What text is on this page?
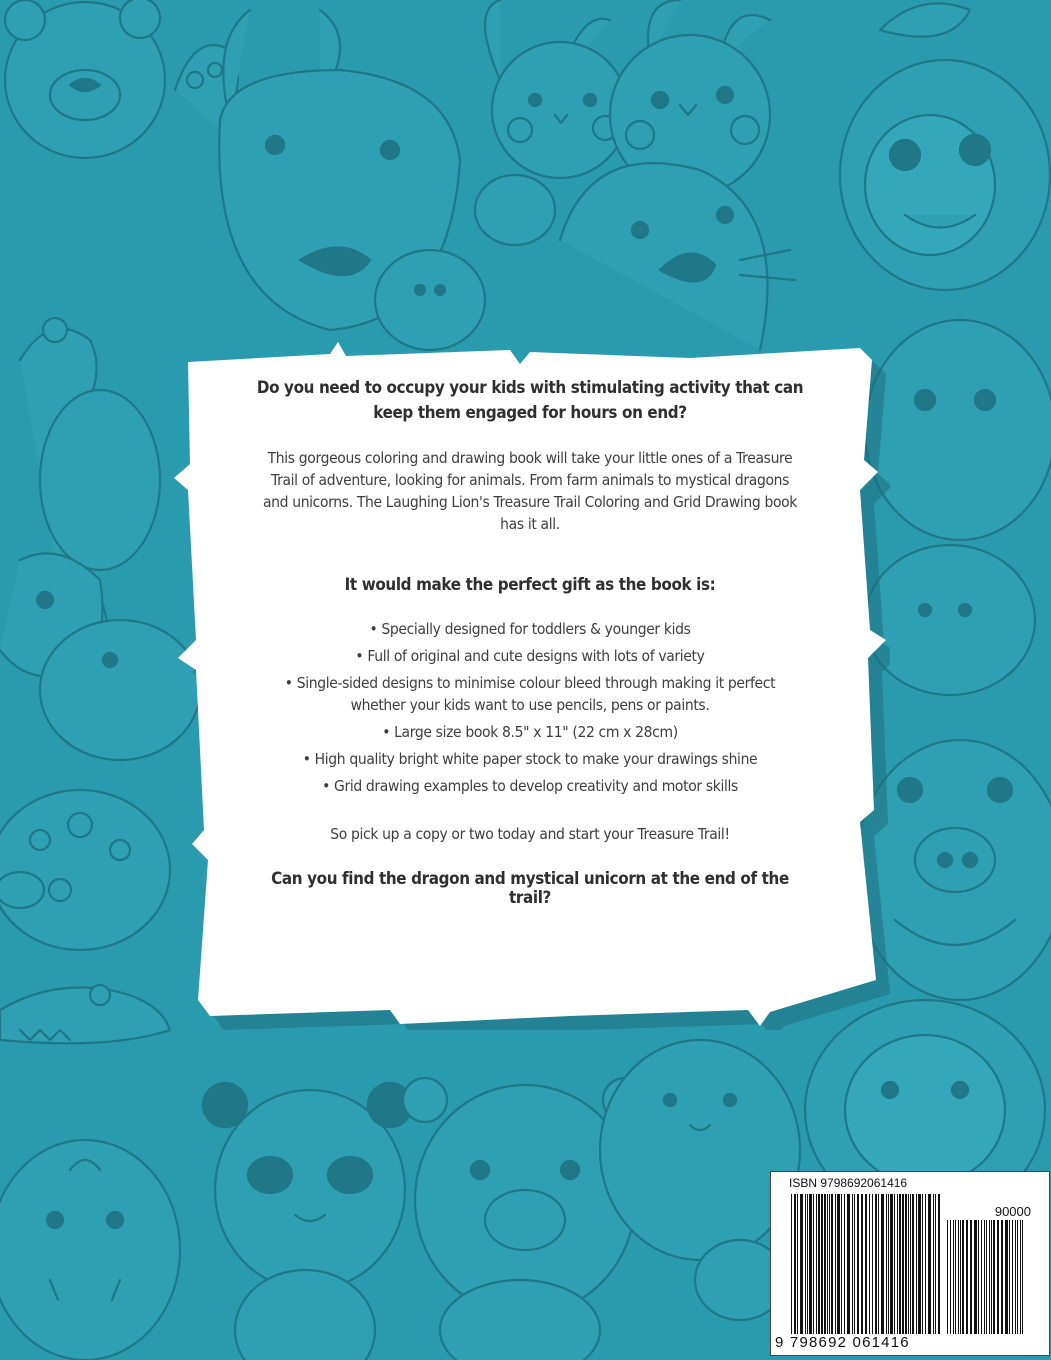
Do you need to occupy your kids with stimulating activity that can keep them engaged for hours on end?

This gorgeous coloring and drawing book will take your little ones of a Treasure Trail of adventure, looking for animals. From farm animals to mystical dragons and unicorns. The Laughing Lion's Treasure Trail Coloring and Grid Drawing book has it all.

It would make the perfect gift as the book is:

• Specially designed for toddlers & younger kids
• Full of original and cute designs with lots of variety
• Single-sided designs to minimise colour bleed through making it perfect whether your kids want to use pencils, pens or paints.
• Large size book 8.5" x 11" (22 cm x 28cm)
• High quality bright white paper stock to make your drawings shine
• Grid drawing examples to develop creativity and motor skills

So pick up a copy or two today and start your Treasure Trail!

Can you find the dragon and mystical unicorn at the end of the trail?

ISBN 9798692061416
90000
9 798692 061416
